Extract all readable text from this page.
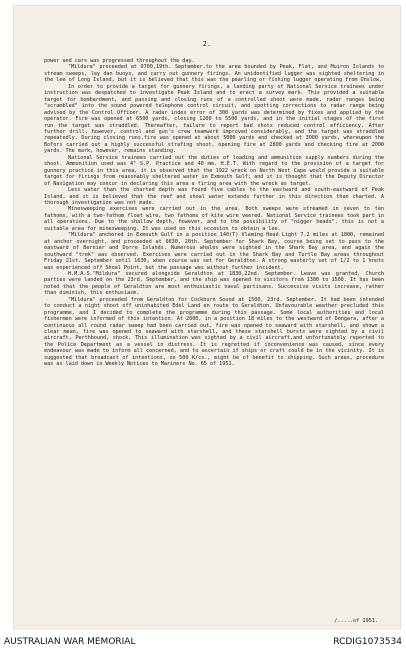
2.

power and cars was progressed throughout the day.

"Mildura" proceeded at 0700,19th. September,to the area bounded by Peak, Flat, and Muiron Islands to stream sweeps, lay dan buoys, and carry out gunnery firings. An unidentified lugger was sighted sheltering in the lee of Long Island, but it is believed that this was the pearling or fishing lugger operating from Onslow.

In order to provide a target for gunnery firings, a landing party of National Service trainees under instruction was despatched to investigate Peak Island and to erect a survey mark. This provided a suitable target for bombardment, and passing and closing runs of a controlled shoot were made, radar ranges being "scrambled" into the sound powered telephone control circuit, and spotting corrections to radar range being advised by the Control Officer. A radar index error of 300 yards was determined by fixes and applied by the operator. Fire was opened at 6500 yards, closing 1200 to 5500 yards, and in the initial stages of the first run the target was straddled. Thereafter, failure to report bad shots reduced control efficiency. After further drill, however, control and gun's crew teamwork improved considerably, and the target was straddled repeatedly. During closing runs,fire was opened at about 5000 yards and checked at 3000 yards, whereupon the Bofors carried out a highly successful strafing shoot, opening fire at 2800 yards and checking fire at 2000 yards. The mark, however, remains standing.

National Service trainees carried out the duties of loading and ammunition supply numbers during the shoot. Ammunition used was 4" S.P. Practice and 40 mm. H.E.T. With regard to the provision of a target for gunnery practice in this area, it is observed that the 1922 wreck on North West Cape would provide a suitable target for firings from reasonably sheltered water in Exmouth Gulf; and it is thought that the Deputy Director of Navigation may concur in declaring this area a firing area with the wreck as target.

Less water than the charted depth was found five cables to the eastward and south-eastward of Peak Island, and it is believed that the reef and shoal water extends further in this direction than charted. A thorough investigation was not made.

Minesweeping exercises were carried out in the area. Both sweeps were streamed in seven to ten fathoms, with a two-fathom float wire, two fathoms of kite wire veered. National Service trainees took part in all operations. Due to the shallow depth, however, and to the possibility of "nigger heads", this is not a suitable area for minesweeping. It was used on this occasion to obtain a lee.

"Mildura" anchored in Exmouth Gulf in a position 140(T) Vlaming Head Light 7.2 miles at 1800, remained at anchor overnight, and proceeded at 0630, 20th. September for Shark Bay, course being set to pass to the eastward of Bernier and Dorre Islands. Numerous whales were sighted in the Shark Bay area, and again the southward "trek" was observed. Exercises were carried out in the Shark Bay and Turtle Bay areas throughout Friday 21st. September until 1630, when course was set for Geraldton. A strong easterly set of 1/2 to 1 knots was experienced off Shoal Point, but the passage was without further incident.

H.M.A.S."Mildura" secured alongside Geraldton at 1830,22nd. September. Leave was granted, Church parties were landed on the 23rd. September, and the ship was opened to visitors from 1300 to 1500. It has been noted that the people of Geraldton are most enthusiastic naval partisans. Successive visits increase, rather than diminish, this enthusiasm.

"Mildura" proceeded from Geraldton for Cockburn Sound at 1500, 23rd. September. It had been intended to conduct a night shoot off uninhabited Edel Land en route to Geraldton. Unfavourable weather precluded this programme, and I decided to complete the programme during this passage. Some local authorities and local fishermen were informed of this intention. At 2000, in a position 18 miles to the westward of Dongara, after a continuous all round radar sweep had been carried out, fire was opened to seaward with starshell, and shown a clear mean, fire was opened to seaward with starshell, and these starshell bursts were sighted by a civil aircraft, Perthbound, shock. This illumination was sighted by a civil aircraft,and unfortunately reported to the Police Department as a vessel in distress. It is regretted if inconvenience was caused, since every endeavour was made to inform all concerned, and to ascertain if ships or craft could be in the vicinity. It is suggested that broadcast of intentions, on 500 K/cs., might be of benefit to shipping. Such areas, procedure was as laid down in Weekly Notices to Mariners No. 65 of 1951.

/.....of 1951.
AUSTRALIAN WAR MEMORIAL	RCDIG1073534
